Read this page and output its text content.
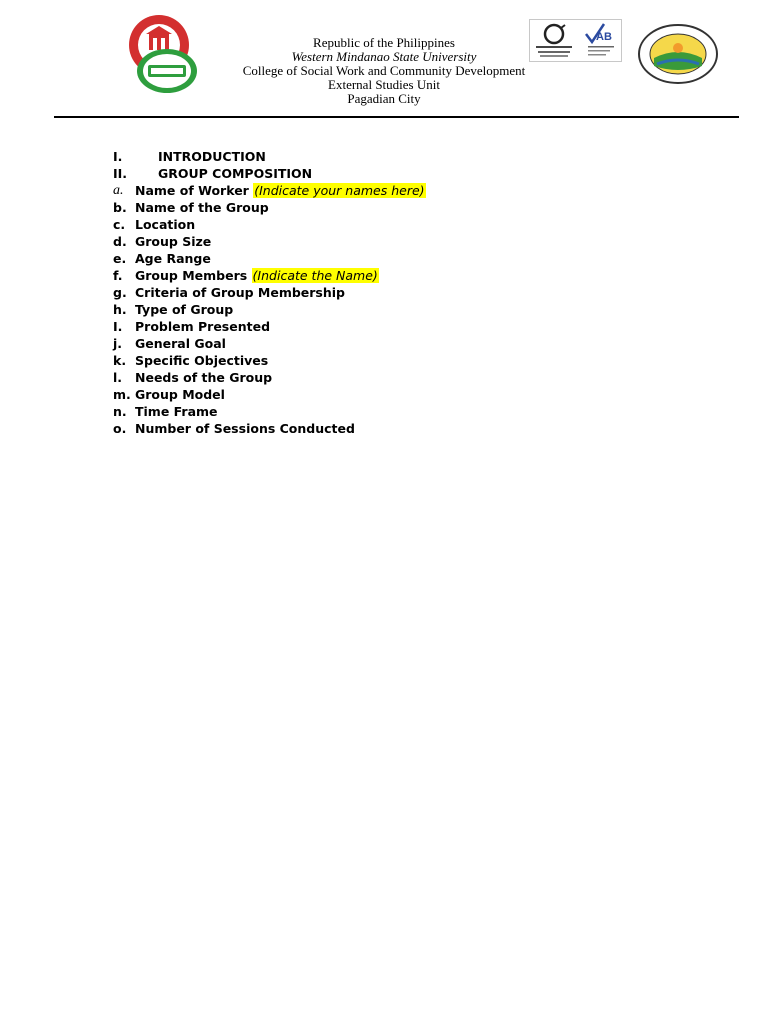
AB
Republic of the Philippines
Western Mindanao State University
College of Social Work and Community Development
External Studies Unit
Pagadian City
I.	INTRODUCTION
II. GROUP COMPOSITION
a. Name of Worker (Indicate your names here)
b. Name of the Group
c. Location
d. Group Size
e. Age Range
f. Group Members (Indicate the Name)
g. Criteria of Group Membership
h. Type of Group
I. Problem Presented
j. General Goal
k. Specific Objectives
l. Needs of the Group
m. Group Model
n. Time Frame
o. Number of Sessions Conducted
